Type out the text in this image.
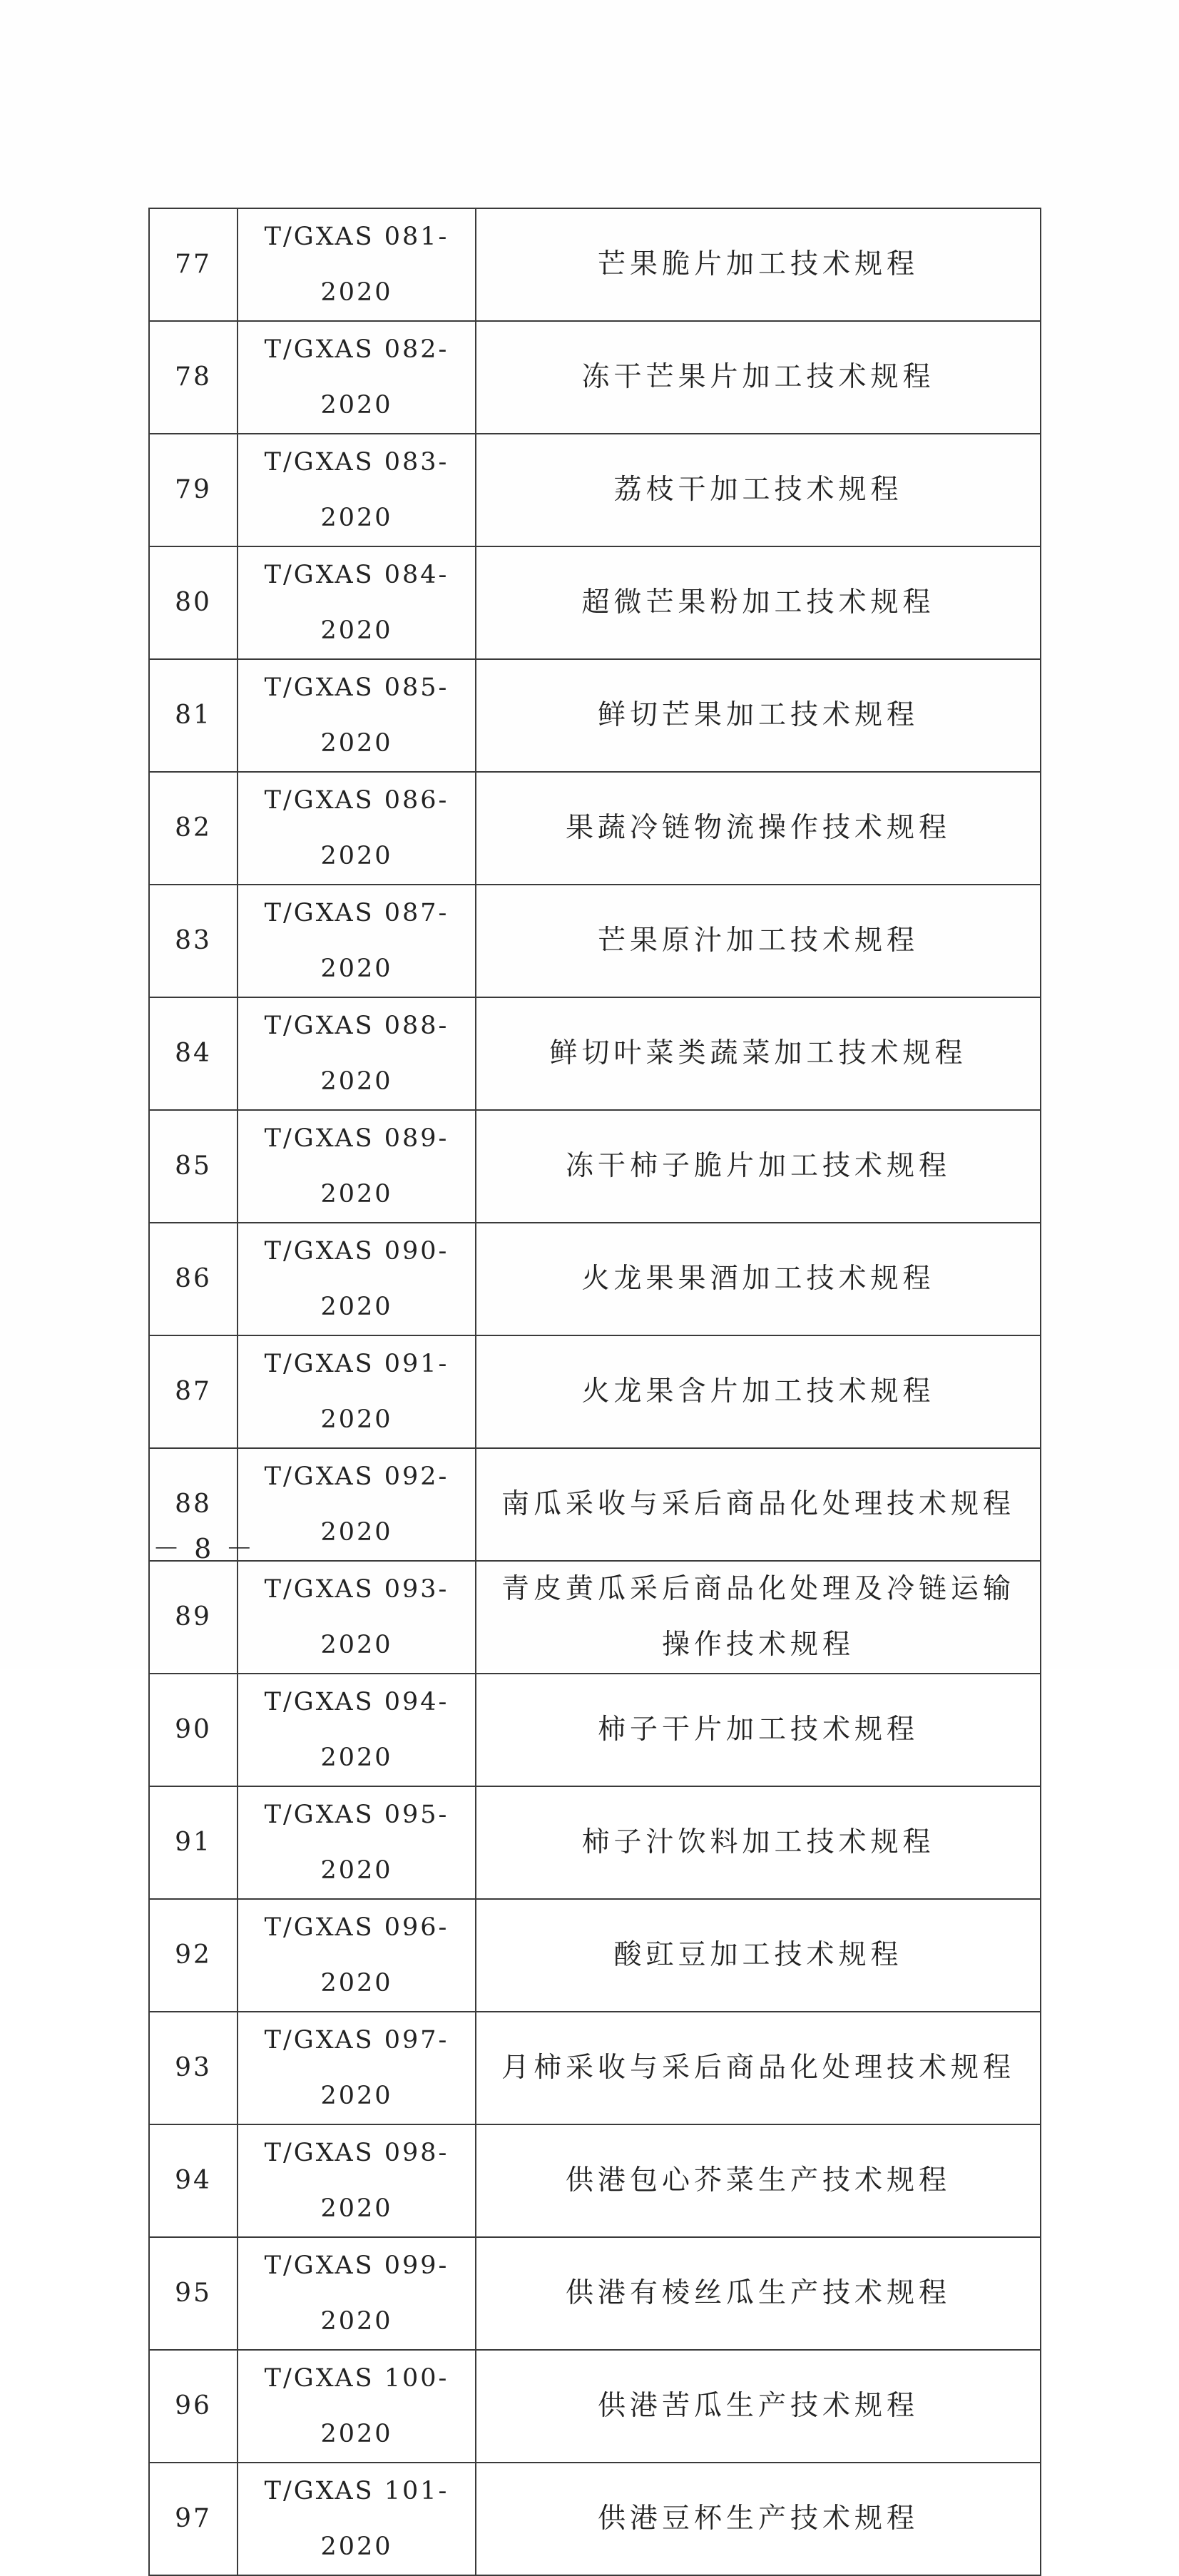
77	T/GXAS 081-2020	芒果脆片加工技术规程
78	T/GXAS 082-2020	冻干芒果片加工技术规程
79	T/GXAS 083-2020	荔枝干加工技术规程
80	T/GXAS 084-2020	超微芒果粉加工技术规程
81	T/GXAS 085-2020	鲜切芒果加工技术规程
82	T/GXAS 086-2020	果蔬冷链物流操作技术规程
83	T/GXAS 087-2020	芒果原汁加工技术规程
84	T/GXAS 088-2020	鲜切叶菜类蔬菜加工技术规程
85	T/GXAS 089-2020	冻干柿子脆片加工技术规程
86	T/GXAS 090-2020	火龙果果酒加工技术规程
87	T/GXAS 091-2020	火龙果含片加工技术规程
88	T/GXAS 092-2020	南瓜采收与采后商品化处理技术规程
89	T/GXAS 093-2020	青皮黄瓜采后商品化处理及冷链运输操作技术规程
90	T/GXAS 094-2020	柿子干片加工技术规程
91	T/GXAS 095-2020	柿子汁饮料加工技术规程
92	T/GXAS 096-2020	酸豇豆加工技术规程
93	T/GXAS 097-2020	月柿采收与采后商品化处理技术规程
94	T/GXAS 098-2020	供港包心芥菜生产技术规程
95	T/GXAS 099-2020	供港有棱丝瓜生产技术规程
96	T/GXAS 100-2020	供港苦瓜生产技术规程
97	T/GXAS 101-2020	供港豆杯生产技术规程
－ 8 －
